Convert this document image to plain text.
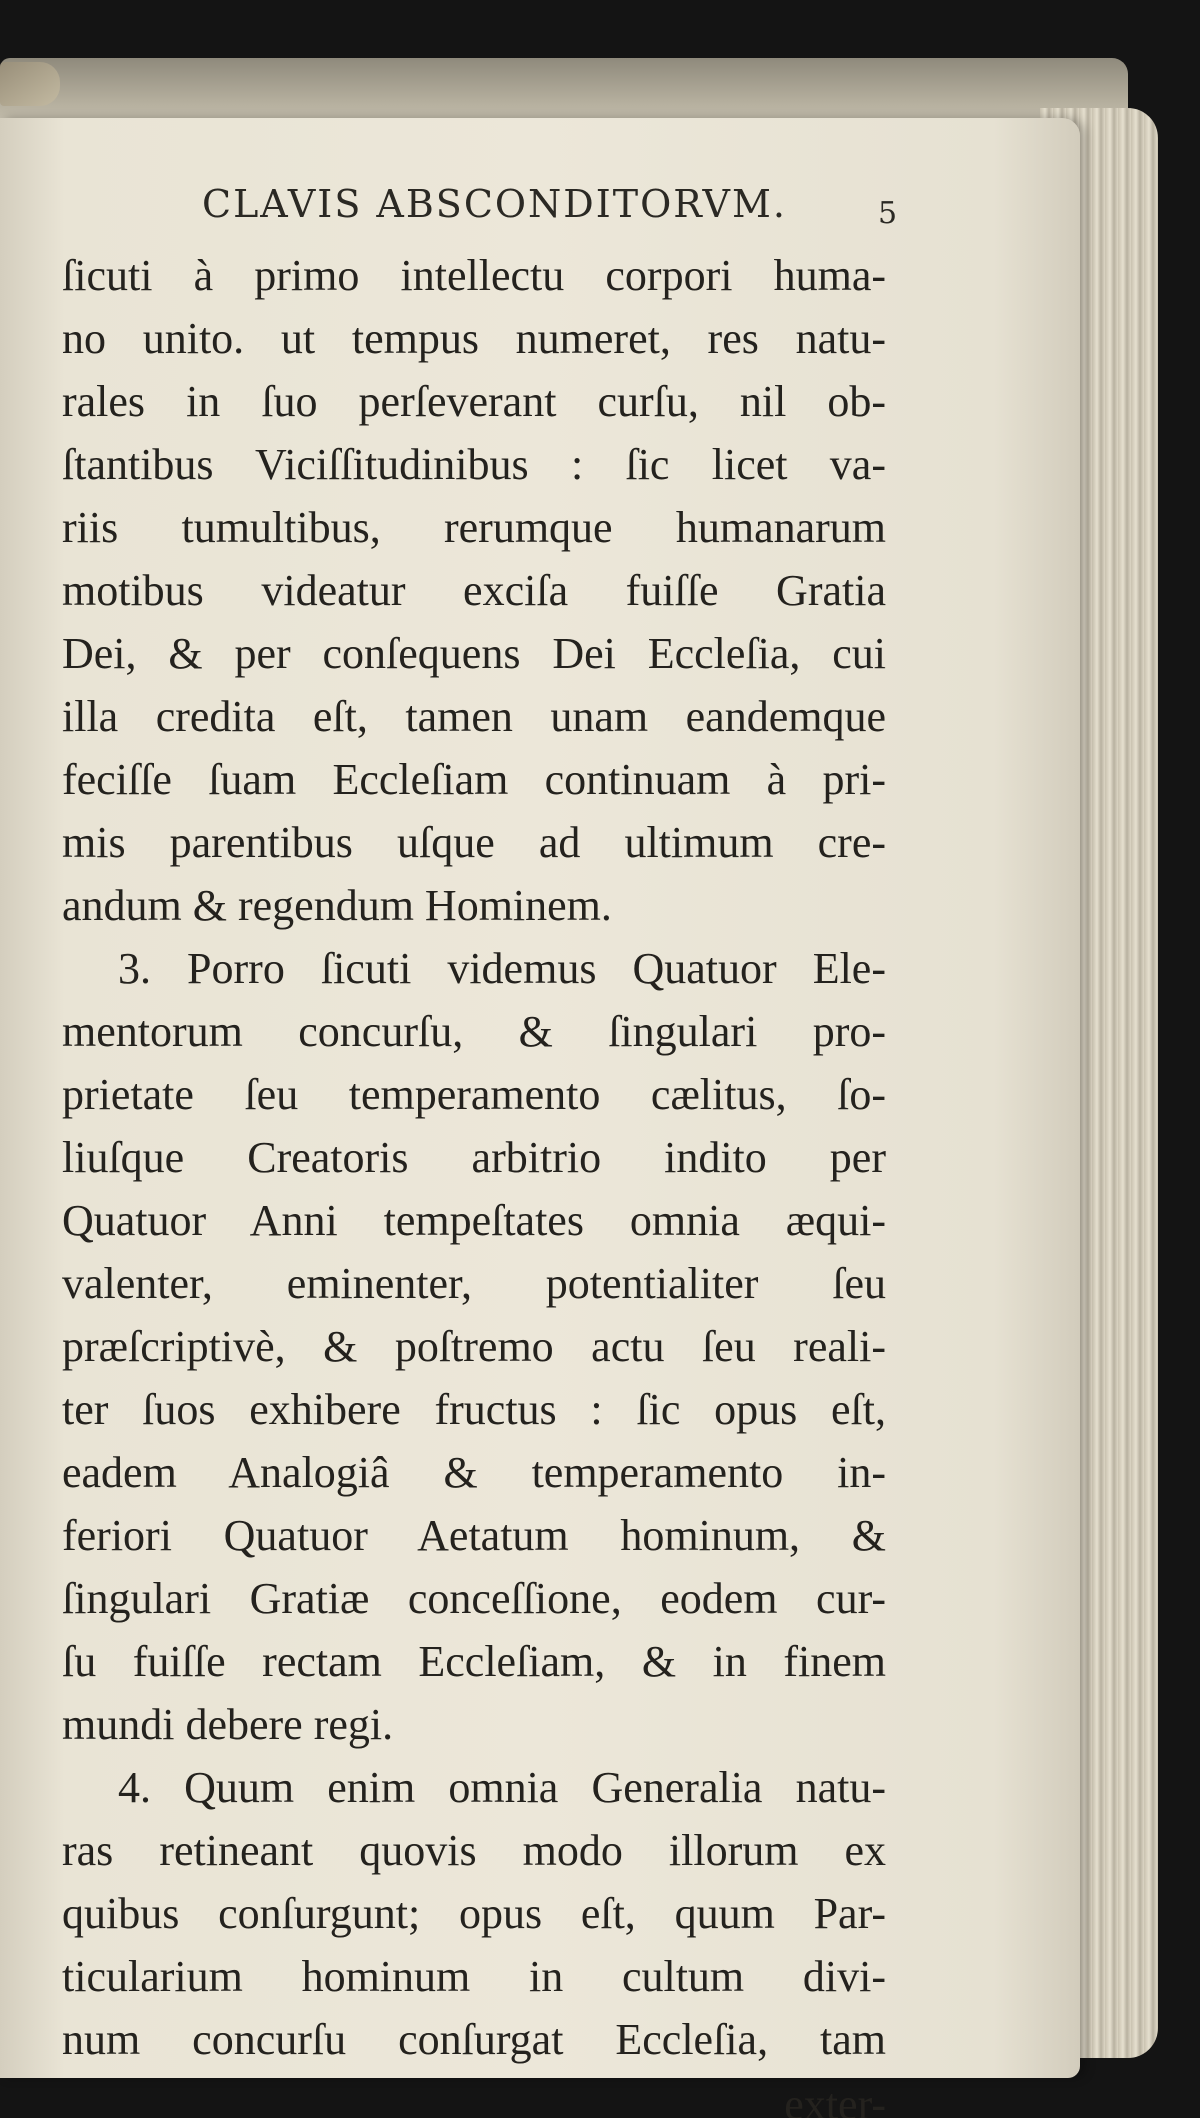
CLAVIS ABSCONDITORVM.	5
ſicuti à primo intellectu corpori huma-
no unito. ut tempus numeret, res natu-
rales in ſuo perſeverant curſu, nil ob-
ſtantibus Viciſſitudinibus : ſic licet va-
riis tumultibus, rerumque humanarum
motibus videatur exciſa fuiſſe Gratia
Dei, & per conſequens Dei Eccleſia, cui
illa credita eſt, tamen unam eandemque
feciſſe ſuam Eccleſiam continuam à pri-
mis parentibus uſque ad ultimum cre-
andum & regendum Hominem.
3. Porro ſicuti videmus Quatuor Ele-
mentorum concurſu, & ſingulari pro-
prietate ſeu temperamento cælitus, ſo-
liuſque Creatoris arbitrio indito per
Quatuor Anni tempeſtates omnia æqui-
valenter, eminenter, potentialiter ſeu
præſcriptivè, & poſtremo actu ſeu reali-
ter ſuos exhibere fructus : ſic opus eſt,
eadem Analogiâ & temperamento in-
feriori Quatuor Aetatum hominum, &
ſingulari Gratiæ conceſſione, eodem cur-
ſu fuiſſe rectam Eccleſiam, & in finem
mundi debere regi.
4. Quum enim omnia Generalia natu-
ras retineant quovis modo illorum ex
quibus conſurgunt; opus eſt, quum Par-
ticularium hominum in cultum divi-
num concurſu conſurgat Eccleſia, tam
exter-
